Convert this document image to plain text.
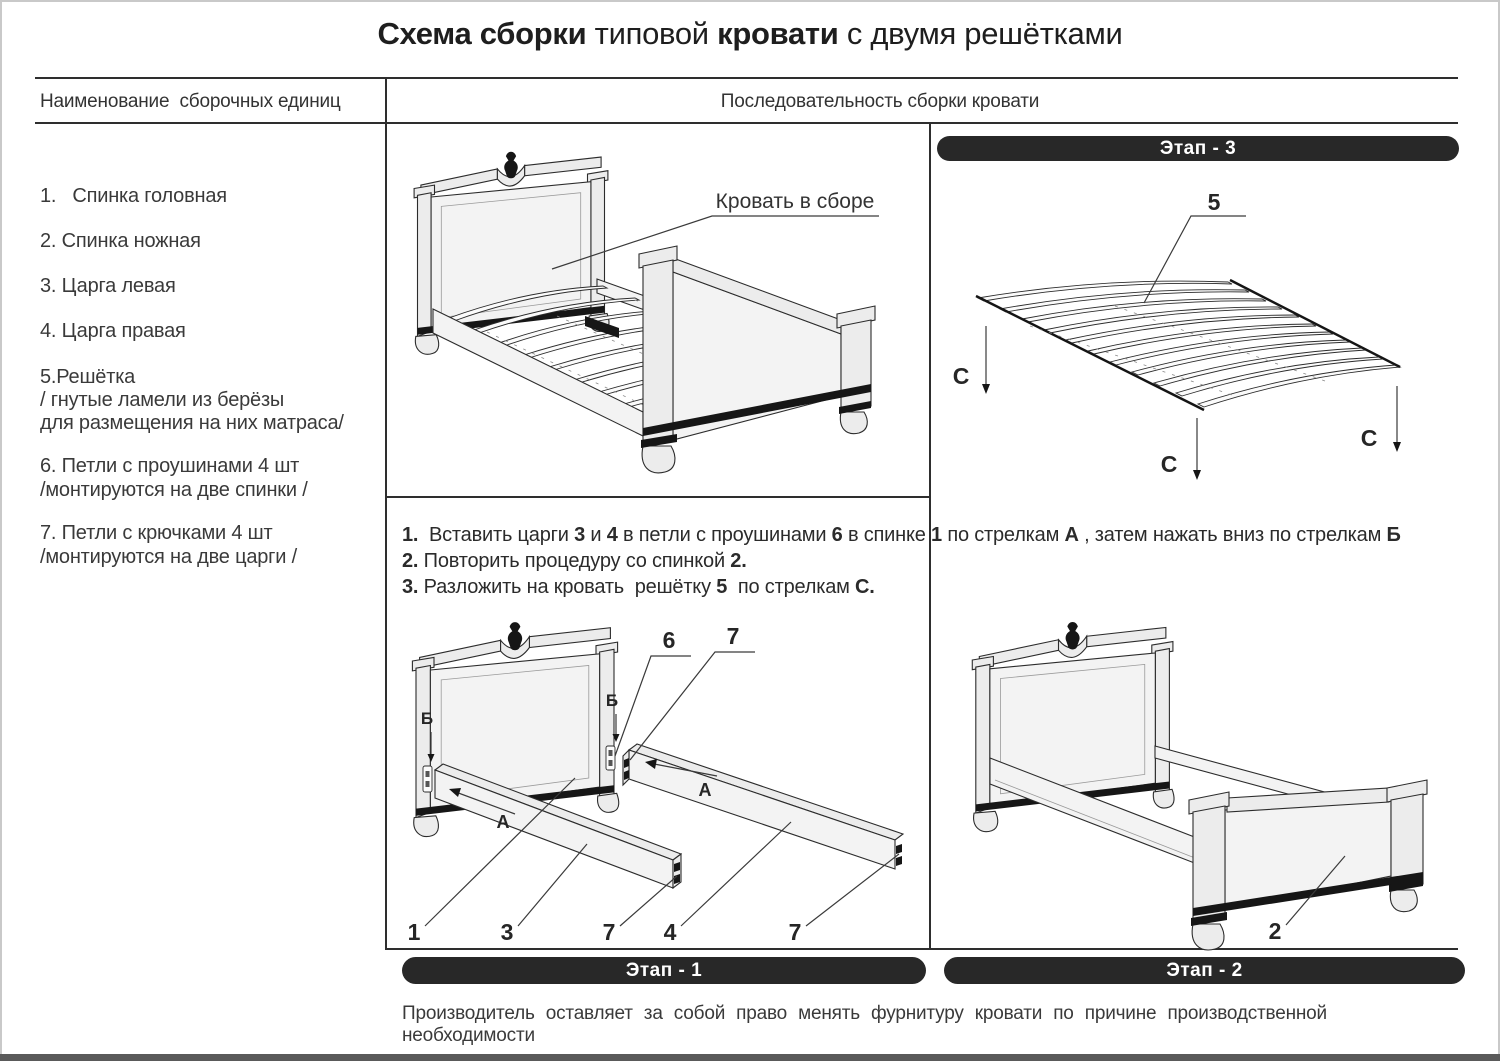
Схема сборки типовой кровати с двумя решётками
Наименование  сборочных единиц	Последовательность сборки кровати
1.   Спинка головная
2. Спинка ножная
3. Царга левая
4. Царга правая
5.Решётка
/ гнутые ламели из берёзы
для размещения на них матраса/
6. Петли с проушинами 4 шт
/монтируются на две спинки /
7. Петли с крючками 4 шт
/монтируются на две царги /
Кровать в сборе
Этап - 3
5
С
С
С
1.  Вставить царги 3 и 4 в петли с проушинами 6 в спинке 1 по стрелкам А , затем нажать вниз по стрелкам Б
2. Повторить процедуру со спинкой 2.
3. Разложить на кровать  решётку 5  по стрелкам С.
Б
Б
А
А
6 7
1	3	7 4	7	2
Этап - 1	Этап - 2
Производитель оставляет за собой право менять фурнитуру кровати по причине производственной необходимости
